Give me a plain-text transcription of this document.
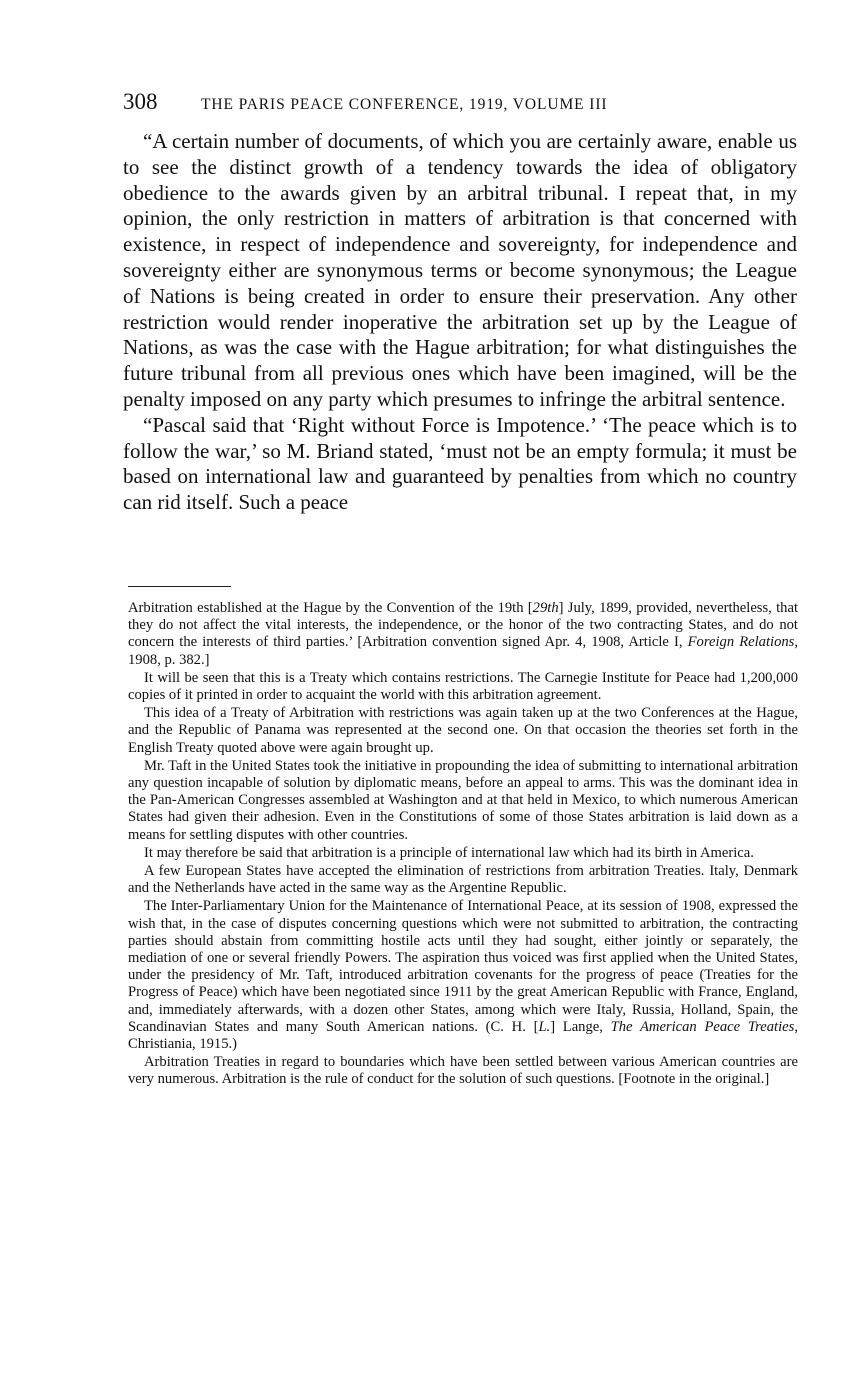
308	THE PARIS PEACE CONFERENCE, 1919, VOLUME III

“A certain number of documents, of which you are certainly aware, enable us to see the distinct growth of a tendency towards the idea of obligatory obedience to the awards given by an arbitral tribunal. I repeat that, in my opinion, the only restriction in matters of arbitration is that concerned with existence, in respect of independence and sovereignty, for independence and sovereignty either are synonymous terms or become synonymous; the League of Nations is being created in order to ensure their preservation. Any other restriction would render inoperative the arbitration set up by the League of Nations, as was the case with the Hague arbitration; for what distinguishes the future tribunal from all previous ones which have been imagined, will be the penalty imposed on any party which presumes to infringe the arbitral sentence.

“Pascal said that ‘Right without Force is Impotence.’ ‘The peace which is to follow the war,’ so M. Briand stated, ‘must not be an empty formula; it must be based on international law and guaranteed by penalties from which no country can rid itself. Such a peace

Arbitration established at the Hague by the Convention of the 19th [29th] July, 1899, provided, nevertheless, that they do not affect the vital interests, the independence, or the honor of the two contracting States, and do not concern the interests of third parties.’ [Arbitration convention signed Apr. 4, 1908, Article I, Foreign Relations, 1908, p. 382.]

It will be seen that this is a Treaty which contains restrictions. The Carnegie Institute for Peace had 1,200,000 copies of it printed in order to acquaint the world with this arbitration agreement.

This idea of a Treaty of Arbitration with restrictions was again taken up at the two Conferences at the Hague, and the Republic of Panama was represented at the second one. On that occasion the theories set forth in the English Treaty quoted above were again brought up.

Mr. Taft in the United States took the initiative in propounding the idea of submitting to international arbitration any question incapable of solution by diplomatic means, before an appeal to arms. This was the dominant idea in the Pan-American Congresses assembled at Washington and at that held in Mexico, to which numerous American States had given their adhesion. Even in the Constitutions of some of those States arbitration is laid down as a means for settling disputes with other countries.

It may therefore be said that arbitration is a principle of international law which had its birth in America.

A few European States have accepted the elimination of restrictions from arbitration Treaties. Italy, Denmark and the Netherlands have acted in the same way as the Argentine Republic.

The Inter-Parliamentary Union for the Maintenance of International Peace, at its session of 1908, expressed the wish that, in the case of disputes concerning questions which were not submitted to arbitration, the contracting parties should abstain from committing hostile acts until they had sought, either jointly or separately, the mediation of one or several friendly Powers. The aspiration thus voiced was first applied when the United States, under the presidency of Mr. Taft, introduced arbitration covenants for the progress of peace (Treaties for the Progress of Peace) which have been negotiated since 1911 by the great American Republic with France, England, and, immediately afterwards, with a dozen other States, among which were Italy, Russia, Holland, Spain, the Scandinavian States and many South American nations. (C. H. [L.] Lange, The American Peace Treaties, Christiania, 1915.)

Arbitration Treaties in regard to boundaries which have been settled between various American countries are very numerous. Arbitration is the rule of conduct for the solution of such questions. [Footnote in the original.]
